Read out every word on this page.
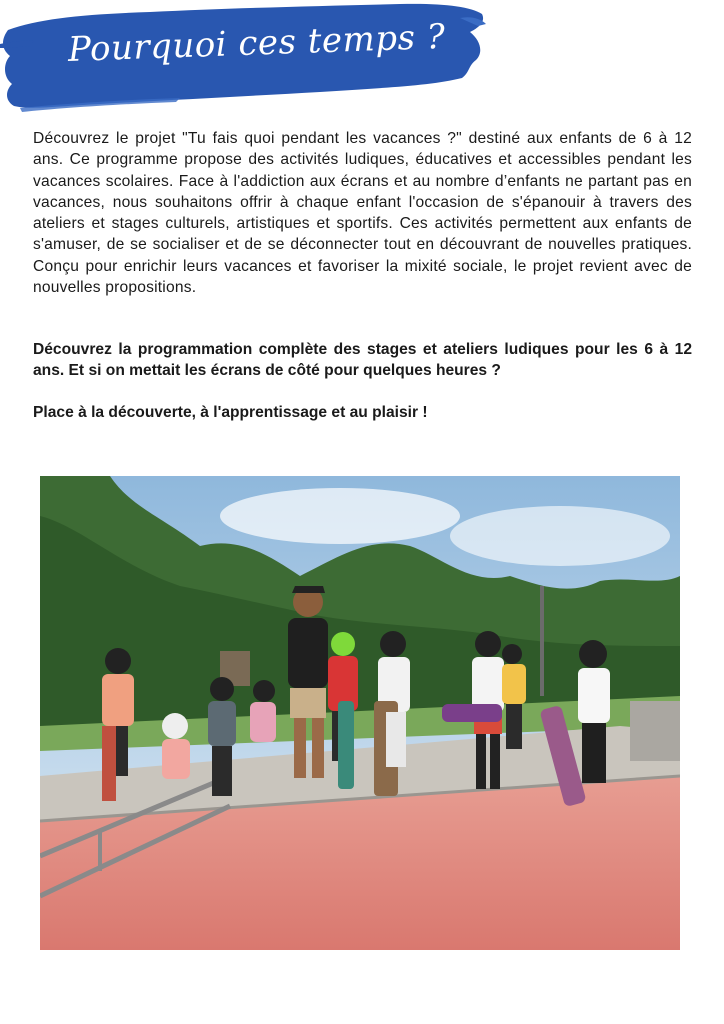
Pourquoi ces temps ?
Découvrez le projet "Tu fais quoi pendant les vacances ?" destiné aux enfants de 6 à 12 ans. Ce programme propose des activités ludiques, éducatives et accessibles pendant les vacances scolaires. Face à l'addiction aux écrans et au nombre d’enfants ne partant pas en vacances, nous souhaitons offrir à chaque enfant l'occasion de s'épanouir à travers des ateliers et stages culturels, artistiques et sportifs. Ces activités permettent aux enfants de s'amuser, de se socialiser et de se déconnecter tout en découvrant de nouvelles pratiques. Conçu pour enrichir leurs vacances et favoriser la mixité sociale, le projet revient avec de nouvelles propositions.
Découvrez la programmation complète des stages et ateliers ludiques pour les 6 à 12 ans. Et si on mettait les écrans de côté pour quelques heures ?
Place à la découverte, à l'apprentissage et au plaisir !
